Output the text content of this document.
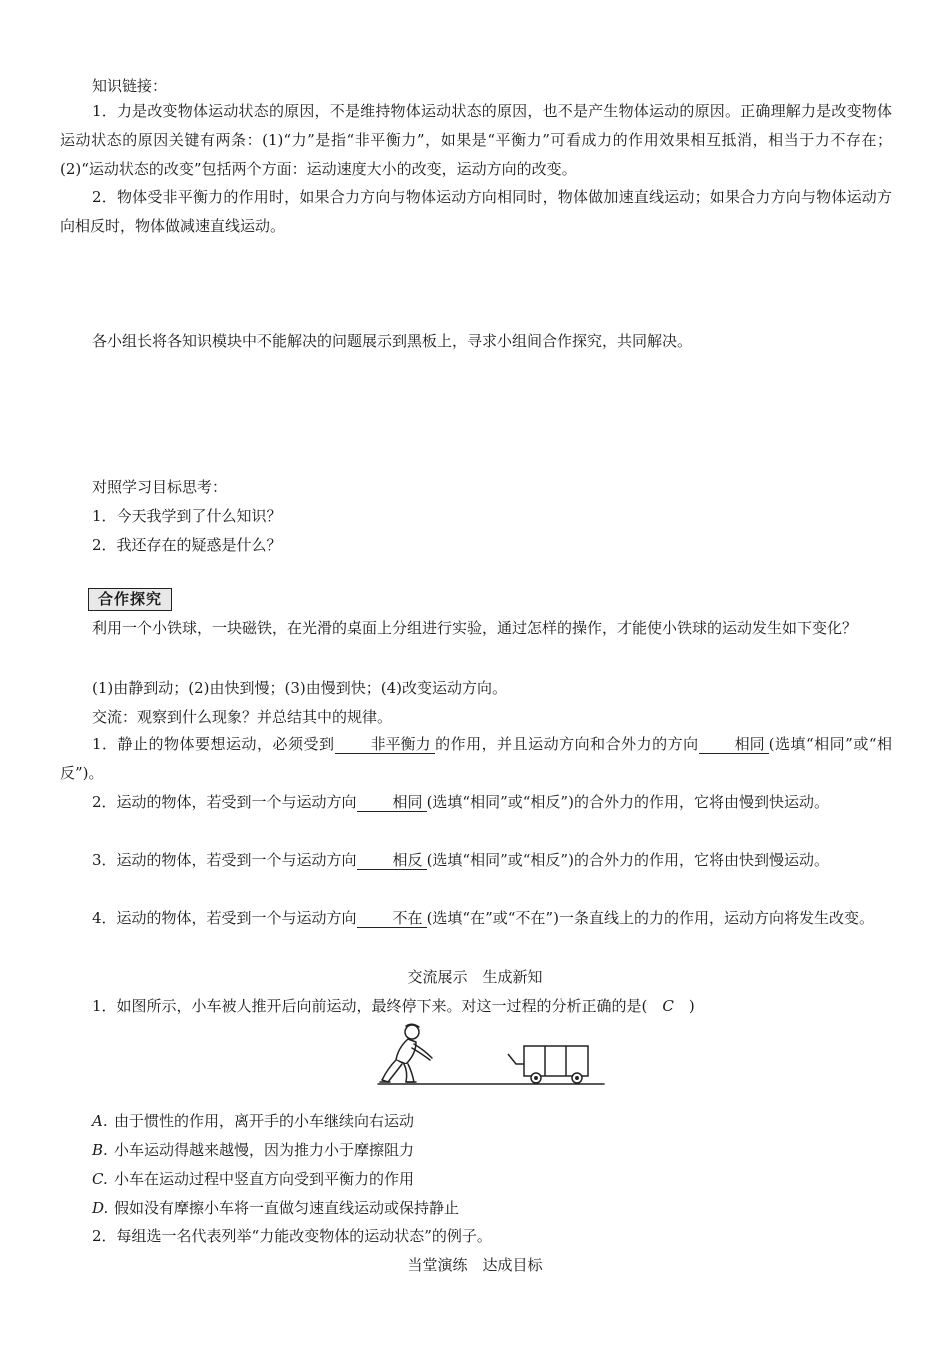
知识链接：
1．力是改变物体运动状态的原因，不是维持物体运动状态的原因，也不是产生物体运动的原因。正确理解力是改变物体运动状态的原因关键有两条：(1)“力”是指“非平衡力”，如果是“平衡力”可看成力的作用效果相互抵消，相当于力不存在；(2)“运动状态的改变”包括两个方面：运动速度大小的改变，运动方向的改变。
2．物体受非平衡力的作用时，如果合力方向与物体运动方向相同时，物体做加速直线运动；如果合力方向与物体运动方向相反时，物体做减速直线运动。
各小组长将各知识模块中不能解决的问题展示到黑板上，寻求小组间合作探究，共同解决。
对照学习目标思考：
1．今天我学到了什么知识？
2．我还存在的疑惑是什么？
合作探究
利用一个小铁球，一块磁铁，在光滑的桌面上分组进行实验，通过怎样的操作，才能使小铁球的运动发生如下变化？
(1)由静到动；(2)由快到慢；(3)由慢到快；(4)改变运动方向。
交流：观察到什么现象？并总结其中的规律。
1．静止的物体要想运动，必须受到 非平衡力 的作用，并且运动方向和合外力的方向 相同 (选填“相同”或“相反”)。
2．运动的物体，若受到一个与运动方向 相同 (选填“相同”或“相反”)的合外力的作用，它将由慢到快运动。
3．运动的物体，若受到一个与运动方向 相反 (选填“相同”或“相反”)的合外力的作用，它将由快到慢运动。
4．运动的物体，若受到一个与运动方向 不在 (选填“在”或“不在”)一条直线上的力的作用，运动方向将发生改变。
交流展示　生成新知
1．如图所示，小车被人推开后向前运动，最终停下来。对这一过程的分析正确的是(　C　)
A. 由于惯性的作用，离开手的小车继续向右运动
B. 小车运动得越来越慢，因为推力小于摩擦阻力
C. 小车在运动过程中竖直方向受到平衡力的作用
D. 假如没有摩擦小车将一直做匀速直线运动或保持静止
2．每组选一名代表列举“力能改变物体的运动状态”的例子。
当堂演练　达成目标
